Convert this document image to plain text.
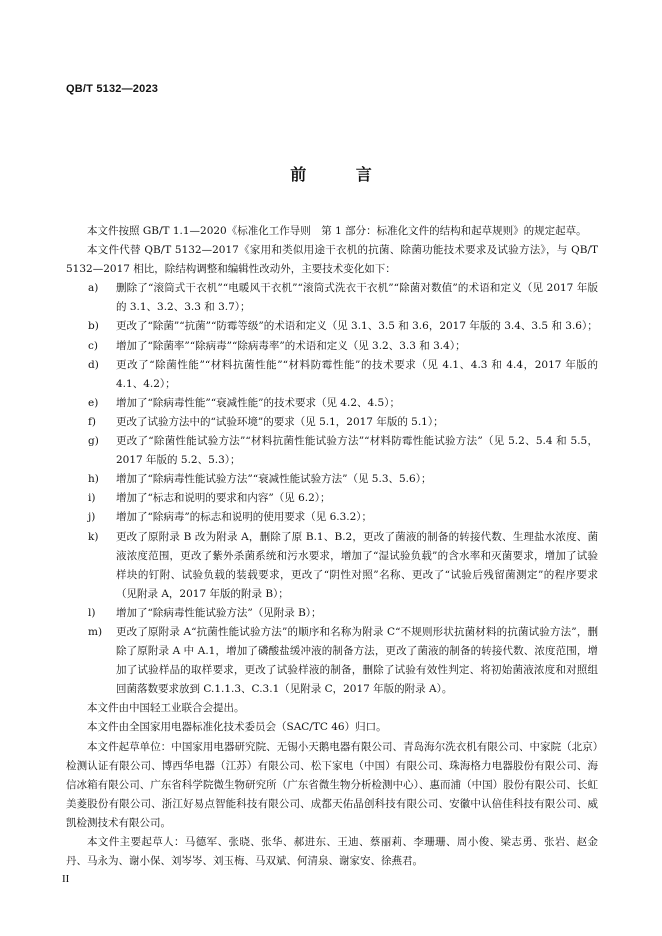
QB/T 5132—2023
前 言

本文件按照 GB/T 1.1—2020《标准化工作导则　第 1 部分：标准化文件的结构和起草规则》的规定起草。

本文件代替 QB/T 5132—2017《家用和类似用途干衣机的抗菌、除菌功能技术要求及试验方法》，与 QB/T 5132—2017 相比，除结构调整和编辑性改动外，主要技术变化如下：

a)	删除了“滚筒式干衣机”“电暖风干衣机”“滚筒式洗衣干衣机”“除菌对数值”的术语和定义（见 2017 年版的 3.1、3.2、3.3 和 3.7）；
b)	更改了“除菌”“抗菌”“防霉等级”的术语和定义（见 3.1、3.5 和 3.6，2017 年版的 3.4、3.5 和 3.6）；
c)	增加了“除菌率”“除病毒”“除病毒率”的术语和定义（见 3.2、3.3 和 3.4）；
d)	更改了“除菌性能”“材料抗菌性能”“材料防霉性能”的技术要求（见 4.1、4.3 和 4.4，2017 年版的 4.1、4.2）；
e)	增加了“除病毒性能”“衰减性能”的技术要求（见 4.2、4.5）；
f)	更改了试验方法中的“试验环境”的要求（见 5.1，2017 年版的 5.1）；
g)	更改了“除菌性能试验方法”“材料抗菌性能试验方法”“材料防霉性能试验方法”（见 5.2、5.4 和 5.5，2017 年版的 5.2、5.3）；
h)	增加了“除病毒性能试验方法”“衰减性能试验方法”（见 5.3、5.6）；
i)	增加了“标志和说明的要求和内容”（见 6.2）；
j)	增加了“除病毒”的标志和说明的使用要求（见 6.3.2）；
k)	更改了原附录 B 改为附录 A，删除了原 B.1、B.2，更改了菌液的制备的转接代数、生理盐水浓度、菌液浓度范围，更改了紫外杀菌系统和污水要求，增加了“湿试验负载”的含水率和灭菌要求，增加了试验样块的钉附、试验负载的装载要求，更改了“阴性对照”名称、更改了“试验后残留菌测定”的程序要求（见附录 A，2017 年版的附录 B）；
l)	增加了“除病毒性能试验方法”（见附录 B）；
m)	更改了原附录 A“抗菌性能试验方法”的顺序和名称为附录 C“不规则形状抗菌材料的抗菌试验方法”，删除了原附录 A 中 A.1，增加了磷酸盐缓冲液的制备方法，更改了菌液的制备的转接代数、浓度范围，增加了试验样品的取样要求，更改了试验样液的制备，删除了试验有效性判定、将初始菌液浓度和对照组回菌落数要求放到 C.1.1.3、C.3.1（见附录 C，2017 年版的附录 A）。

本文件由中国轻工业联合会提出。

本文件由全国家用电器标准化技术委员会（SAC/TC 46）归口。

本文件起草单位：中国家用电器研究院、无锡小天鹅电器有限公司、青岛海尔洗衣机有限公司、中家院（北京）检测认证有限公司、博西华电器（江苏）有限公司、松下家电（中国）有限公司、珠海格力电器股份有限公司、海信冰箱有限公司、广东省科学院微生物研究所（广东省微生物分析检测中心）、惠而浦（中国）股份有限公司、长虹美菱股份有限公司、浙江好易点智能科技有限公司、成都天佑晶创科技有限公司、安徽中认倍佳科技有限公司、威凯检测技术有限公司。

本文件主要起草人：马德军、张晓、张华、郝进东、王迪、蔡丽莉、李珊珊、周小俊、梁志勇、张岩、赵金丹、马永为、谢小保、刘岑岑、刘玉梅、马双斌、何清泉、谢家安、徐燕君。

II
